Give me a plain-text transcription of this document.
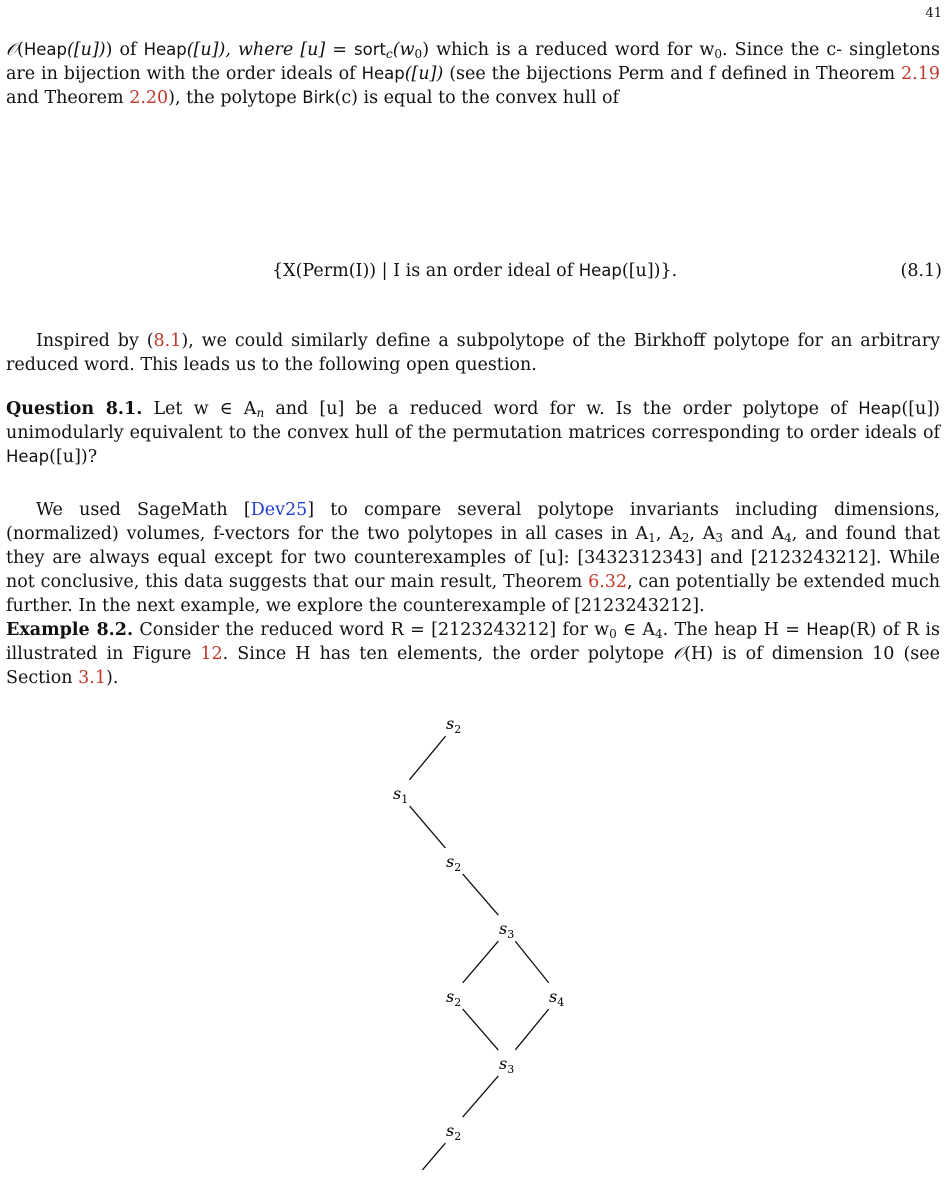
41
𝒪(Heap([u])) of Heap([u]), where $[u] = sort_c(w_0)$ which is a reduced word for $w_0$. Since the c- singletons are in bijection with the order ideals of Heap([u]) (see the bijections Perm and f defined in Theorem 2.19 and Theorem 2.20), the polytope Birk(c) is equal to the convex hull of
{X(Perm(I)) | I is an order ideal of Heap([u])}.	(8.1)
Inspired by (8.1), we could similarly define a subpolytope of the Birkhoff polytope for an arbitrary reduced word. This leads us to the following open question.
Question 8.1. Let w ∈ $A_n$ and [u] be a reduced word for w. Is the order polytope of Heap([u]) unimodularly equivalent to the convex hull of the permutation matrices corresponding to order ideals of Heap([u])?
We used SageMath [Dev25] to compare several polytope invariants including dimensions, (normalized) volumes, f-vectors for the two polytopes in all cases in $A_1$, $A_2$, $A_3$ and $A_4$, and found that they are always equal except for two counterexamples of [u]: [3432312343] and [2123243212]. While not conclusive, this data suggests that our main result, Theorem 6.32, can potentially be extended much further. In the next example, we explore the counterexample of [2123243212].
Example 8.2. Consider the reduced word R = [2123243212] for $w_0$ ∈ $A_4$. The heap H = Heap(R) of R is illustrated in Figure 12. Since H has ten elements, the order polytope 𝒪(H) is of dimension 10 (see Section 3.1).
$s_2$
$s_1$
$s_2$
$s_3$
$s_2$	$s_4$
$s_3$
$s_2$
